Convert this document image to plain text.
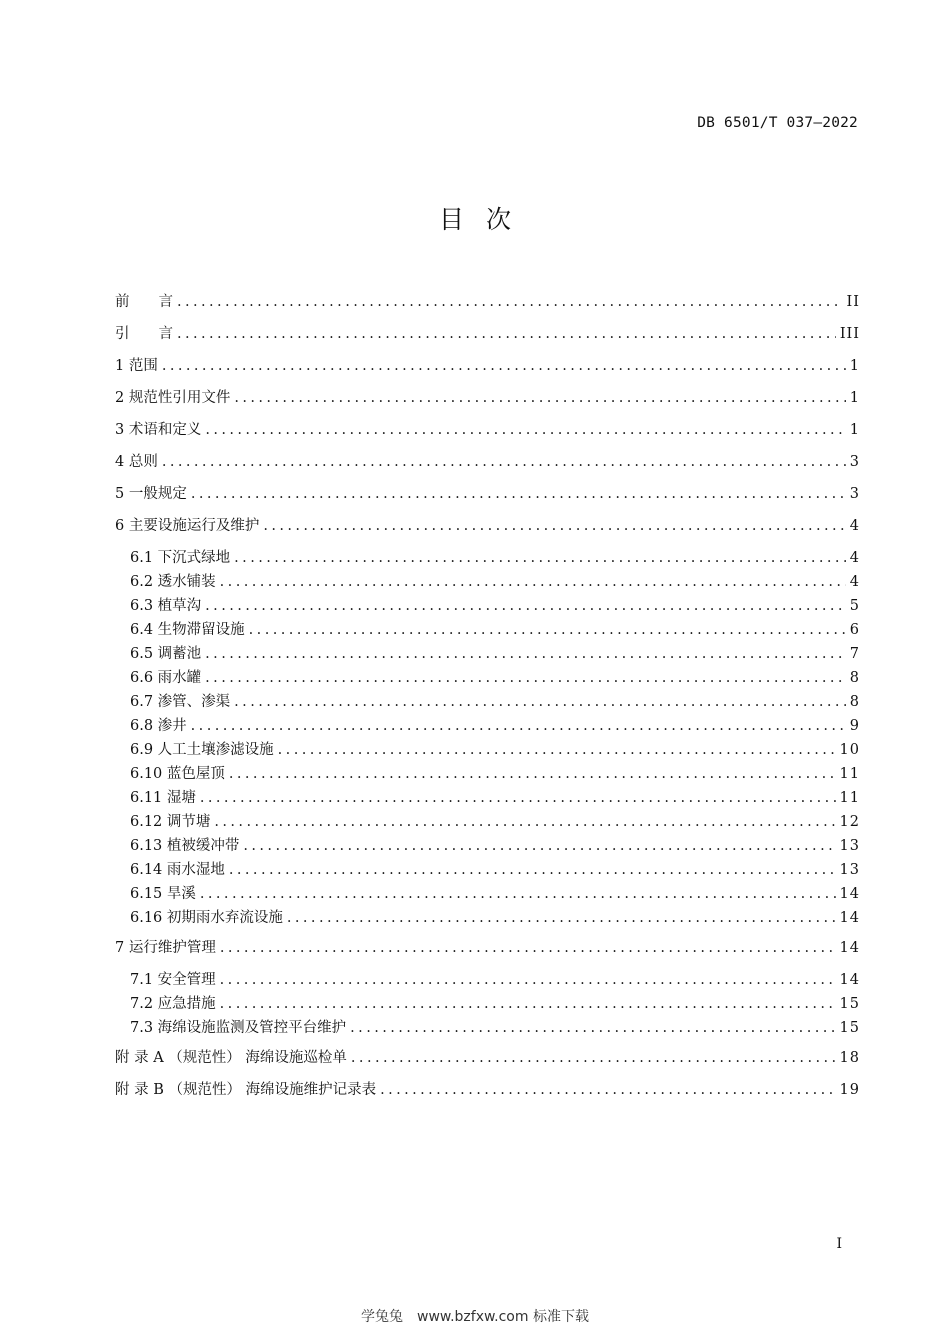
DB 6501/T 037—2022
目次
前　　言 .....	II
引　　言 .....	III
1 范围 .....	1
2 规范性引用文件 .....	1
3 术语和定义 .....	1
4 总则 .....	3
5 一般规定 .....	3
6 主要设施运行及维护 .....	4
6.1 下沉式绿地 .....	4
6.2 透水铺装 .....	4
6.3 植草沟 .....	5
6.4 生物滞留设施 .....	6
6.5 调蓄池 .....	7
6.6 雨水罐 .....	8
6.7 渗管、渗渠 .....	8
6.8 渗井 .....	9
6.9 人工土壤渗滤设施 .....	10
6.10 蓝色屋顶 .....	11
6.11 湿塘 .....	11
6.12 调节塘 .....	12
6.13 植被缓冲带 .....	13
6.14 雨水湿地 .....	13
6.15 旱溪 .....	14
6.16 初期雨水弃流设施 .....	14
7 运行维护管理 .....	14
7.1 安全管理 .....	14
7.2 应急措施 .....	15
7.3 海绵设施监测及管控平台维护 .....	15
附 录 A （规范性） 海绵设施巡检单 .....	18
附 录 B （规范性） 海绵设施维护记录表 .....	19
I
学兔兔　www.bzfxw.com 标准下载
